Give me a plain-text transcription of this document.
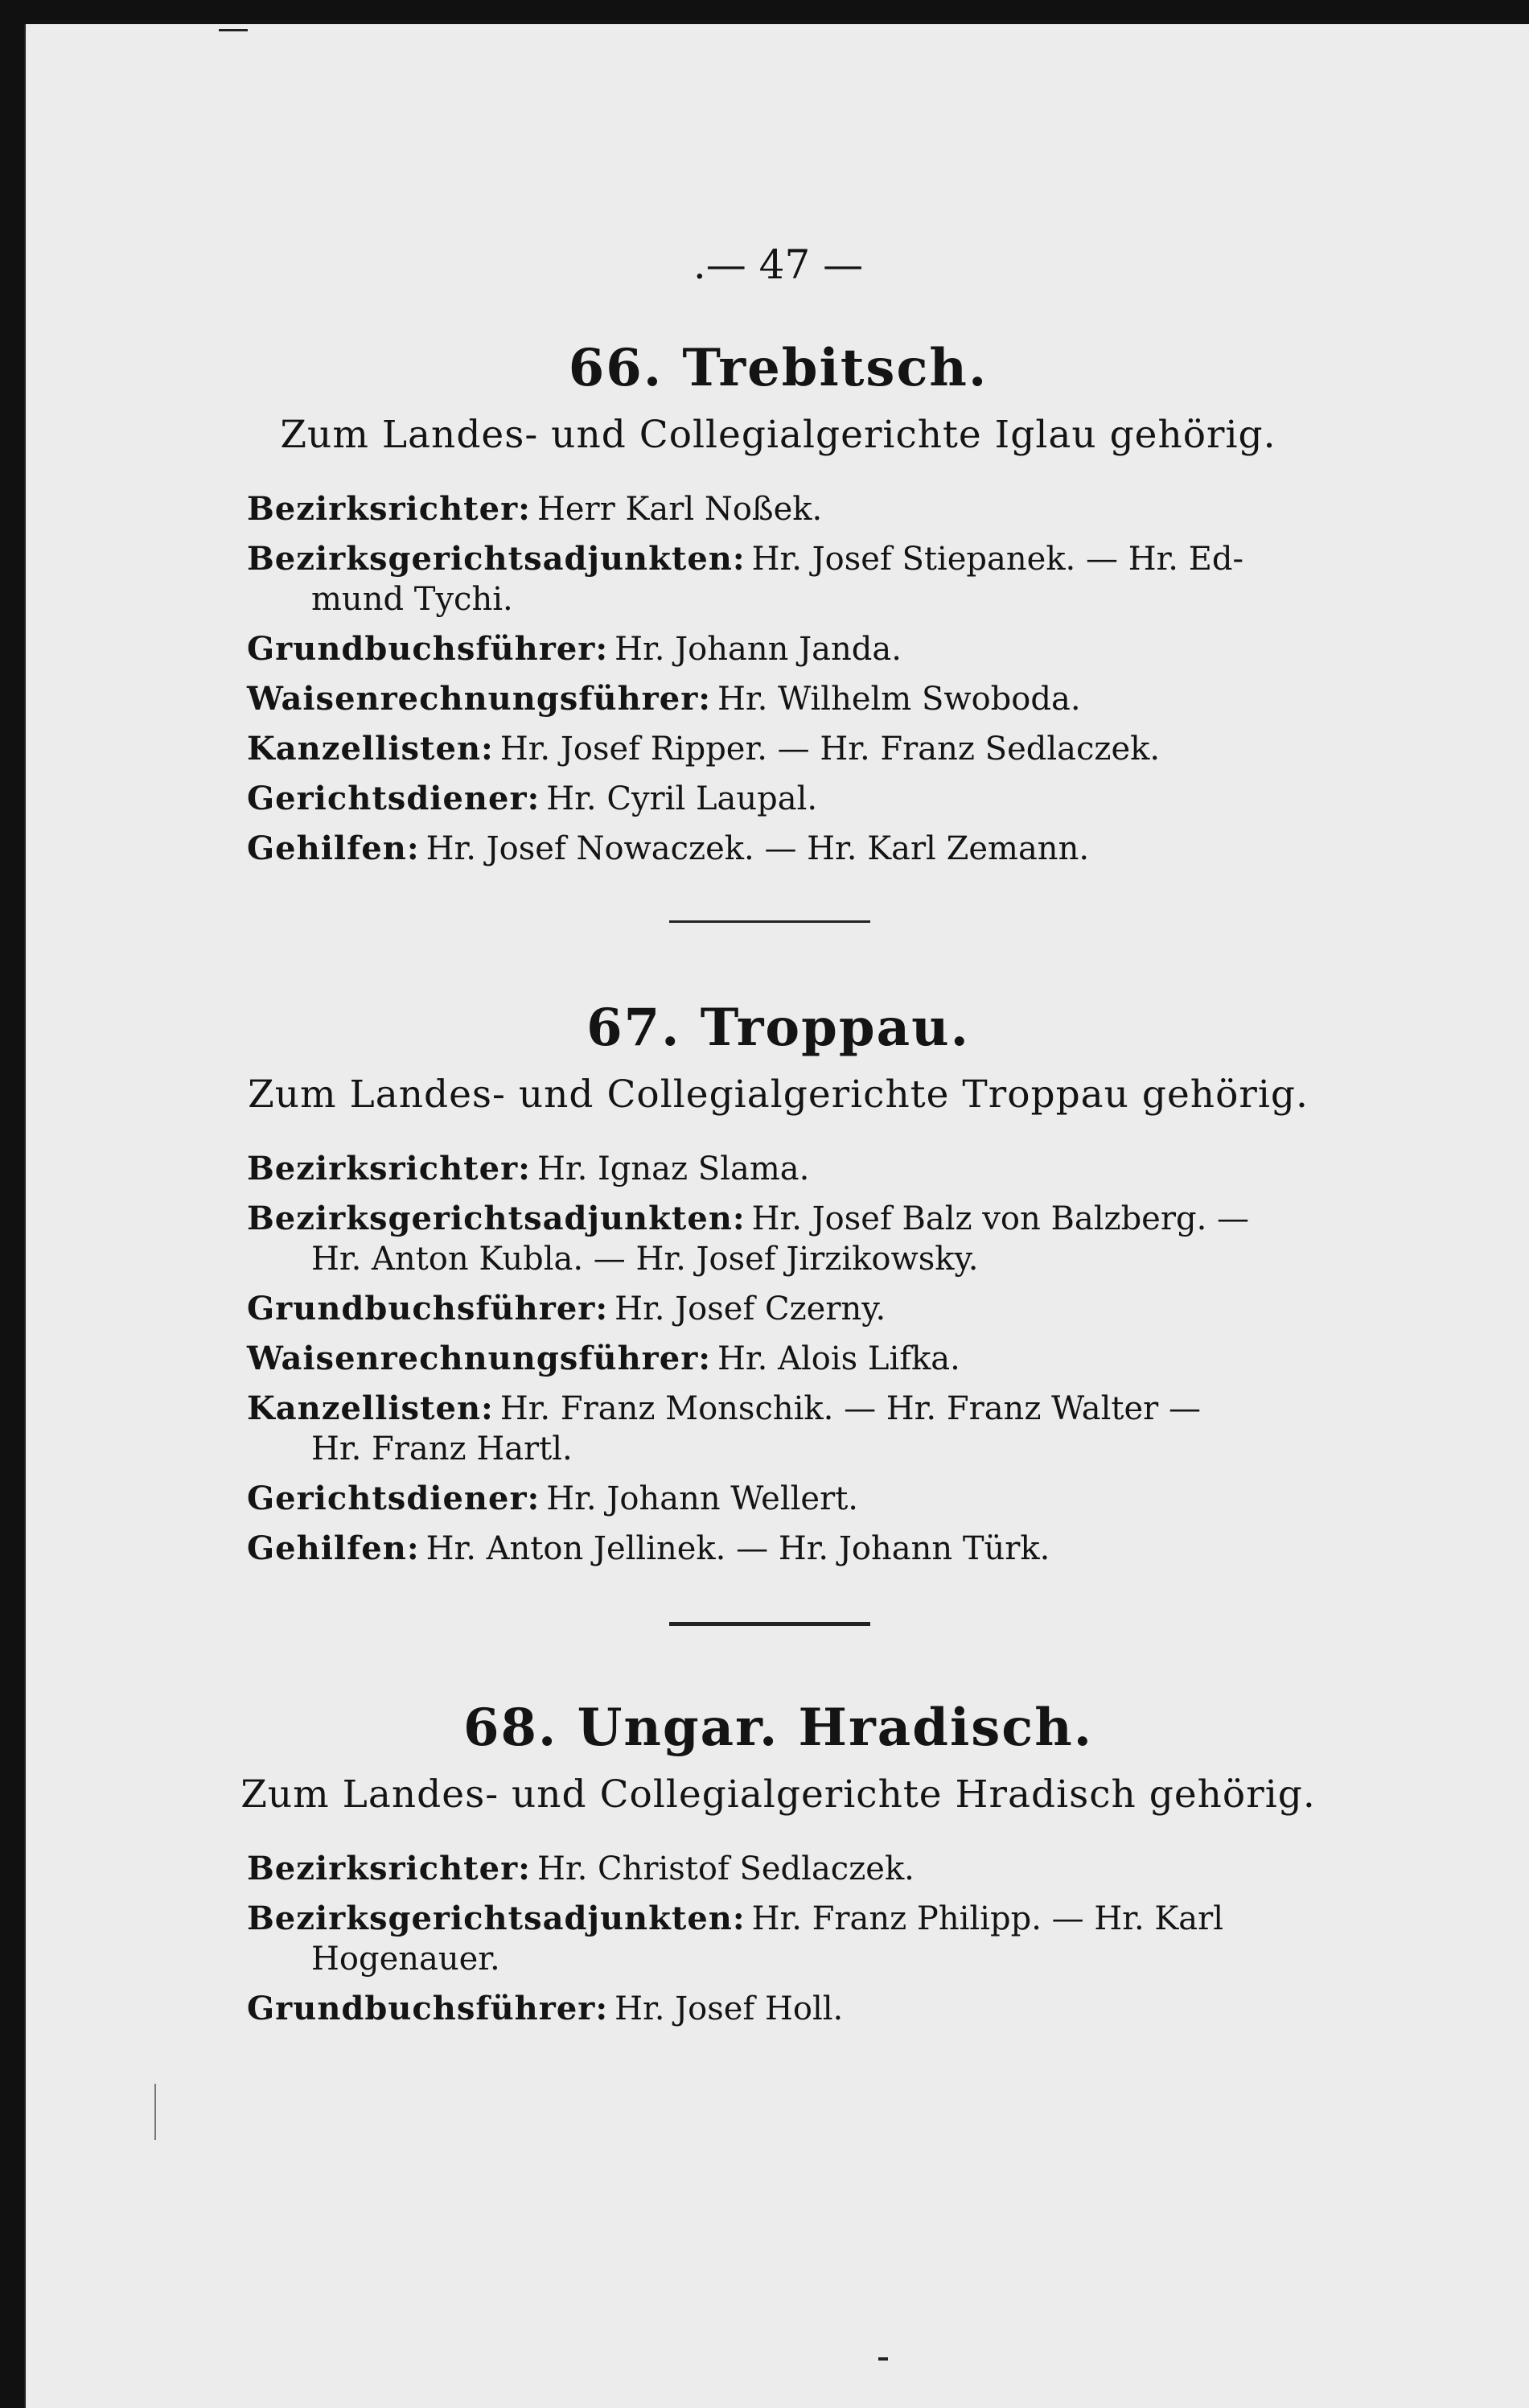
.— 47 —
66. Trebitsch.
Zum Landes- und Collegialgerichte Iglau gehörig.
Bezirksrichter: Herr Karl Noßek.
Bezirksgerichtsadjunkten: Hr. Josef Stiepanek. — Hr. Ed-
mund Tychi.
Grundbuchsführer: Hr. Johann Janda.
Waisenrechnungsführer: Hr. Wilhelm Swoboda.
Kanzellisten: Hr. Josef Ripper. — Hr. Franz Sedlaczek.
Gerichtsdiener: Hr. Cyril Laupal.
Gehilfen: Hr. Josef Nowaczek. — Hr. Karl Zemann.
67. Troppau.
Zum Landes- und Collegialgerichte Troppau gehörig.
Bezirksrichter: Hr. Ignaz Slama.
Bezirksgerichtsadjunkten: Hr. Josef Balz von Balzberg. —
Hr. Anton Kubla. — Hr. Josef Jirzikowsky.
Grundbuchsführer: Hr. Josef Czerny.
Waisenrechnungsführer: Hr. Alois Lifka.
Kanzellisten: Hr. Franz Monschik. — Hr. Franz Walter —
Hr. Franz Hartl.
Gerichtsdiener: Hr. Johann Wellert.
Gehilfen: Hr. Anton Jellinek. — Hr. Johann Türk.
68. Ungar. Hradisch.
Zum Landes- und Collegialgerichte Hradisch gehörig.
Bezirksrichter: Hr. Christof Sedlaczek.
Bezirksgerichtsadjunkten: Hr. Franz Philipp. — Hr. Karl
Hogenauer.
Grundbuchsführer: Hr. Josef Holl.
